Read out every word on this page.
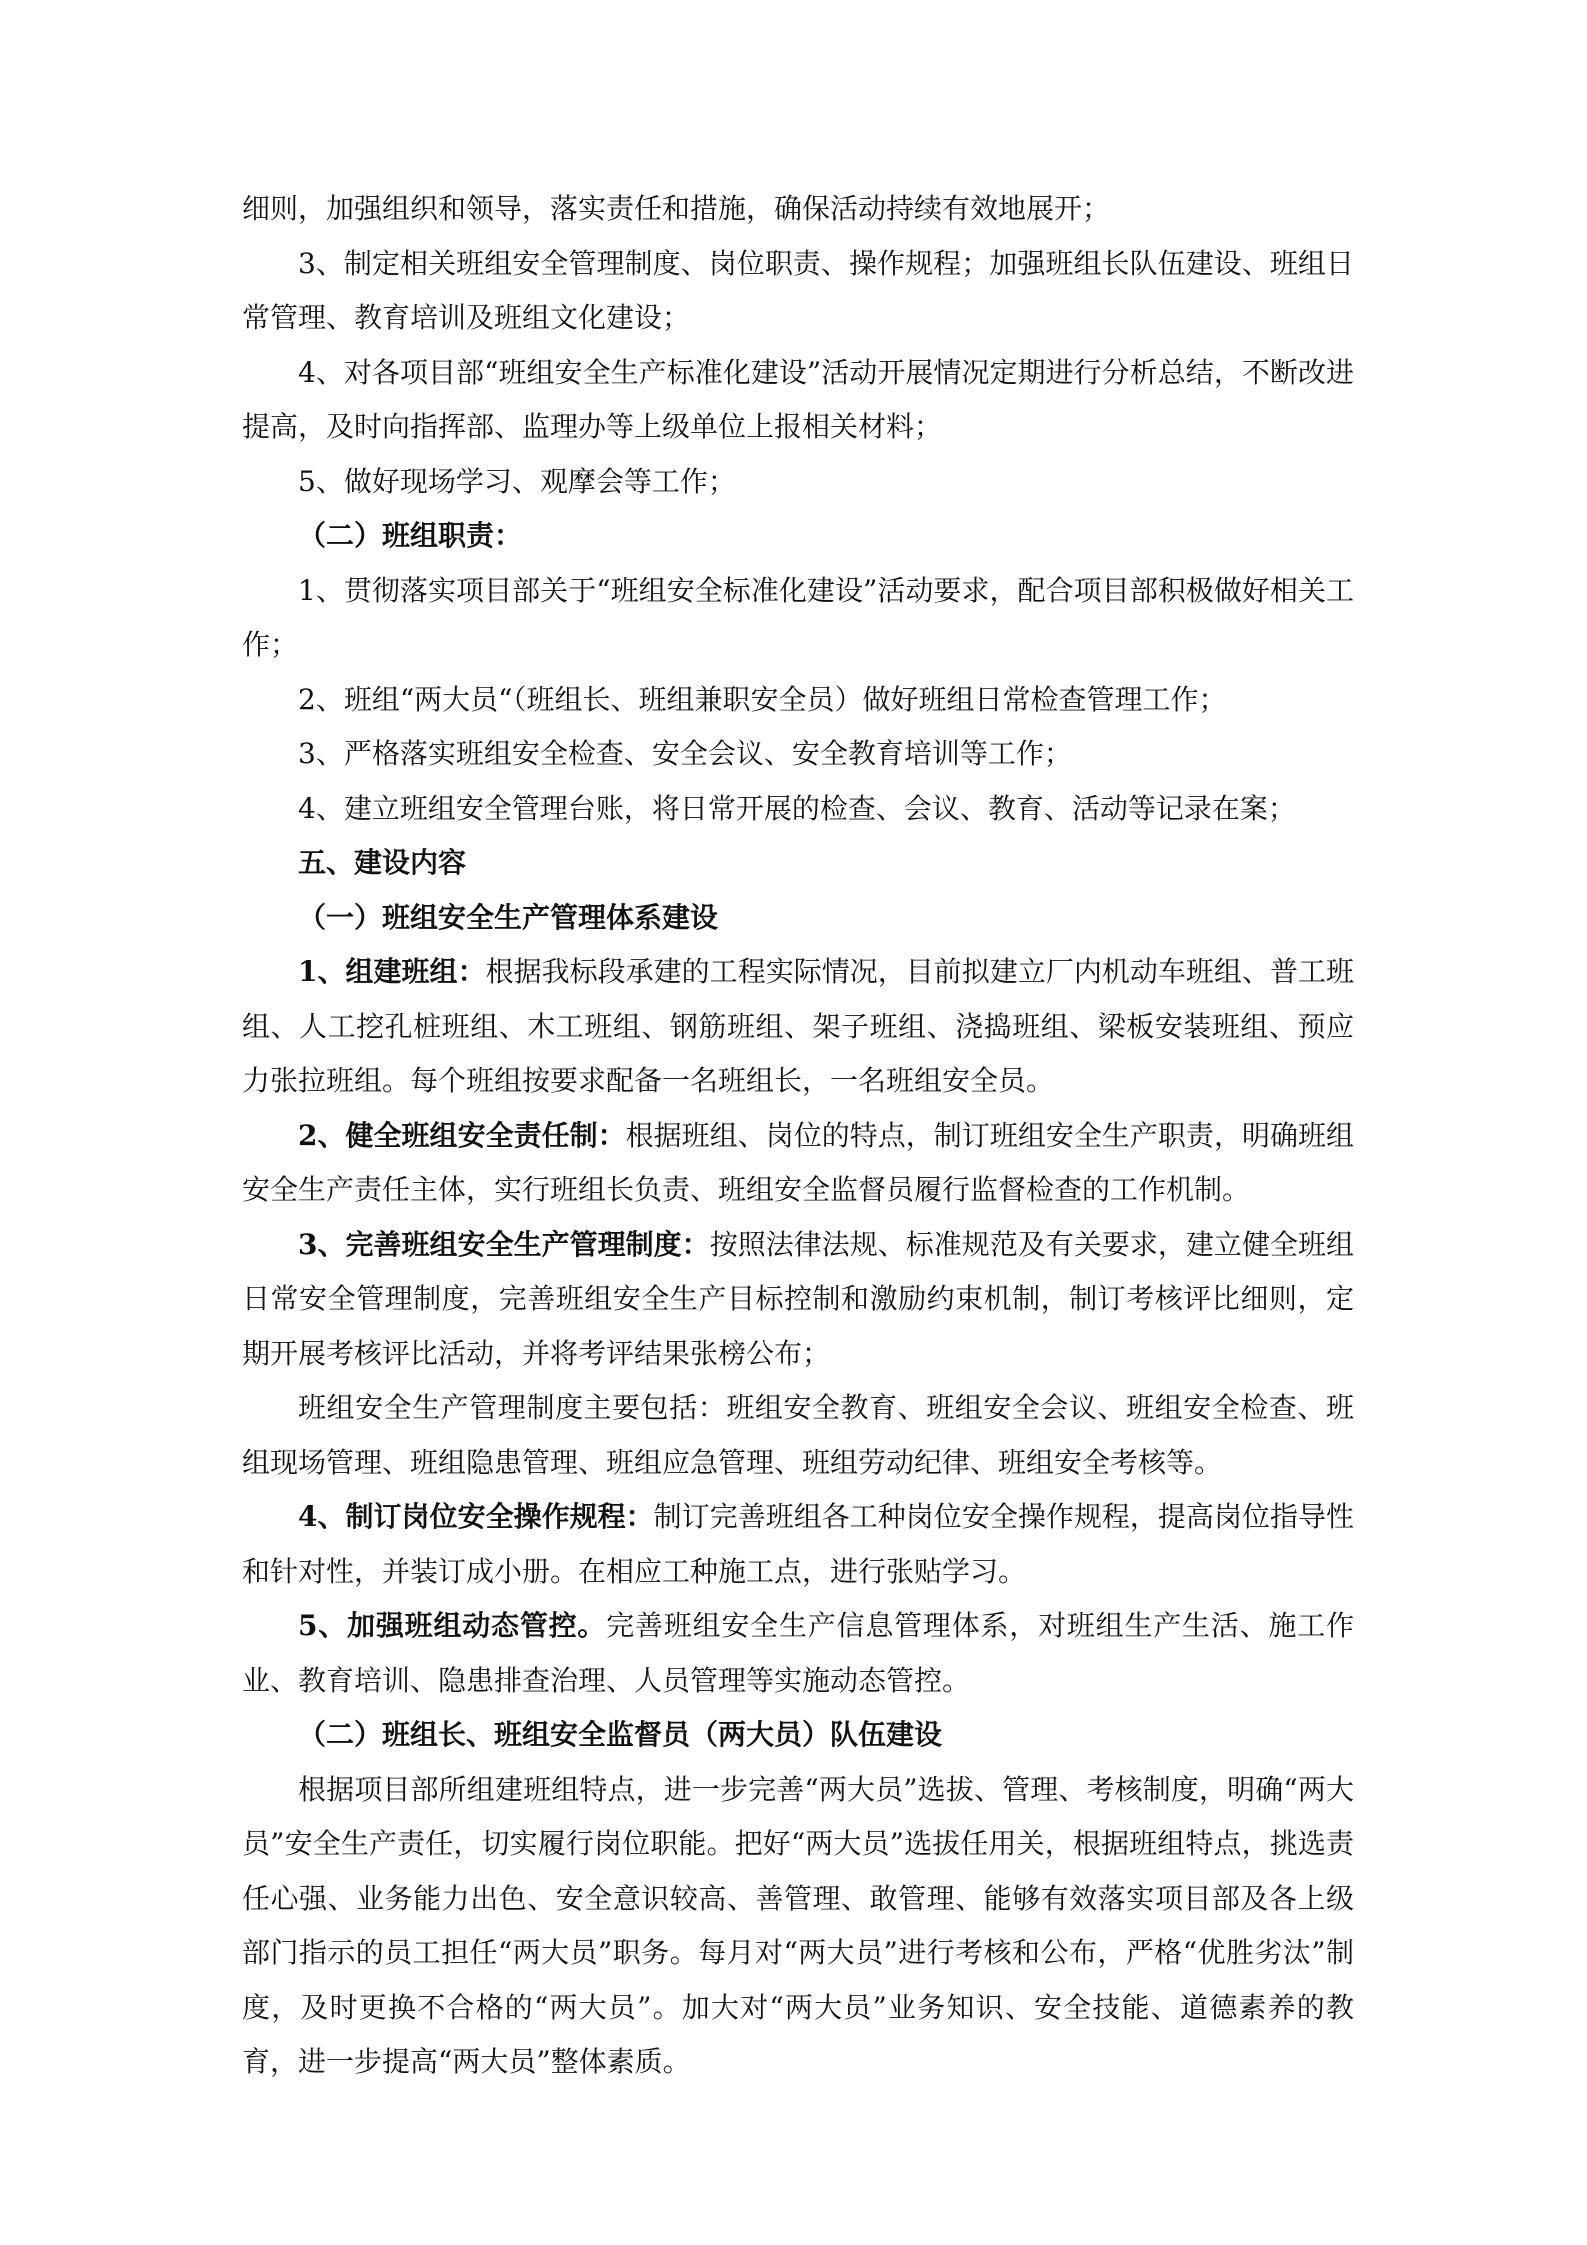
细则，加强组织和领导，落实责任和措施，确保活动持续有效地展开；

3、制定相关班组安全管理制度、岗位职责、操作规程；加强班组长队伍建设、班组日常管理、教育培训及班组文化建设；

4、对各项目部“班组安全生产标准化建设”活动开展情况定期进行分析总结，不断改进提高，及时向指挥部、监理办等上级单位上报相关材料；

5、做好现场学习、观摩会等工作；

（二）班组职责：

1、贯彻落实项目部关于“班组安全标准化建设”活动要求，配合项目部积极做好相关工作；

2、班组“两大员“（班组长、班组兼职安全员）做好班组日常检查管理工作；

3、严格落实班组安全检查、安全会议、安全教育培训等工作；

4、建立班组安全管理台账，将日常开展的检查、会议、教育、活动等记录在案；

五、建设内容

（一）班组安全生产管理体系建设

1、组建班组：根据我标段承建的工程实际情况，目前拟建立厂内机动车班组、普工班组、人工挖孔桩班组、木工班组、钢筋班组、架子班组、浇捣班组、梁板安装班组、预应力张拉班组。每个班组按要求配备一名班组长，一名班组安全员。

2、健全班组安全责任制：根据班组、岗位的特点，制订班组安全生产职责，明确班组安全生产责任主体，实行班组长负责、班组安全监督员履行监督检查的工作机制。

3、完善班组安全生产管理制度：按照法律法规、标准规范及有关要求，建立健全班组日常安全管理制度，完善班组安全生产目标控制和激励约束机制，制订考核评比细则，定期开展考核评比活动，并将考评结果张榜公布；

班组安全生产管理制度主要包括：班组安全教育、班组安全会议、班组安全检查、班组现场管理、班组隐患管理、班组应急管理、班组劳动纪律、班组安全考核等。

4、制订岗位安全操作规程：制订完善班组各工种岗位安全操作规程，提高岗位指导性和针对性，并装订成小册。在相应工种施工点，进行张贴学习。

5、加强班组动态管控。完善班组安全生产信息管理体系，对班组生产生活、施工作业、教育培训、隐患排查治理、人员管理等实施动态管控。

（二）班组长、班组安全监督员（两大员）队伍建设

根据项目部所组建班组特点，进一步完善“两大员”选拔、管理、考核制度，明确“两大员”安全生产责任，切实履行岗位职能。把好“两大员”选拔任用关，根据班组特点，挑选责任心强、业务能力出色、安全意识较高、善管理、敢管理、能够有效落实项目部及各上级部门指示的员工担任“两大员”职务。每月对“两大员”进行考核和公布，严格“优胜劣汰”制度，及时更换不合格的“两大员”。加大对“两大员”业务知识、安全技能、道德素养的教育，进一步提高“两大员”整体素质。
